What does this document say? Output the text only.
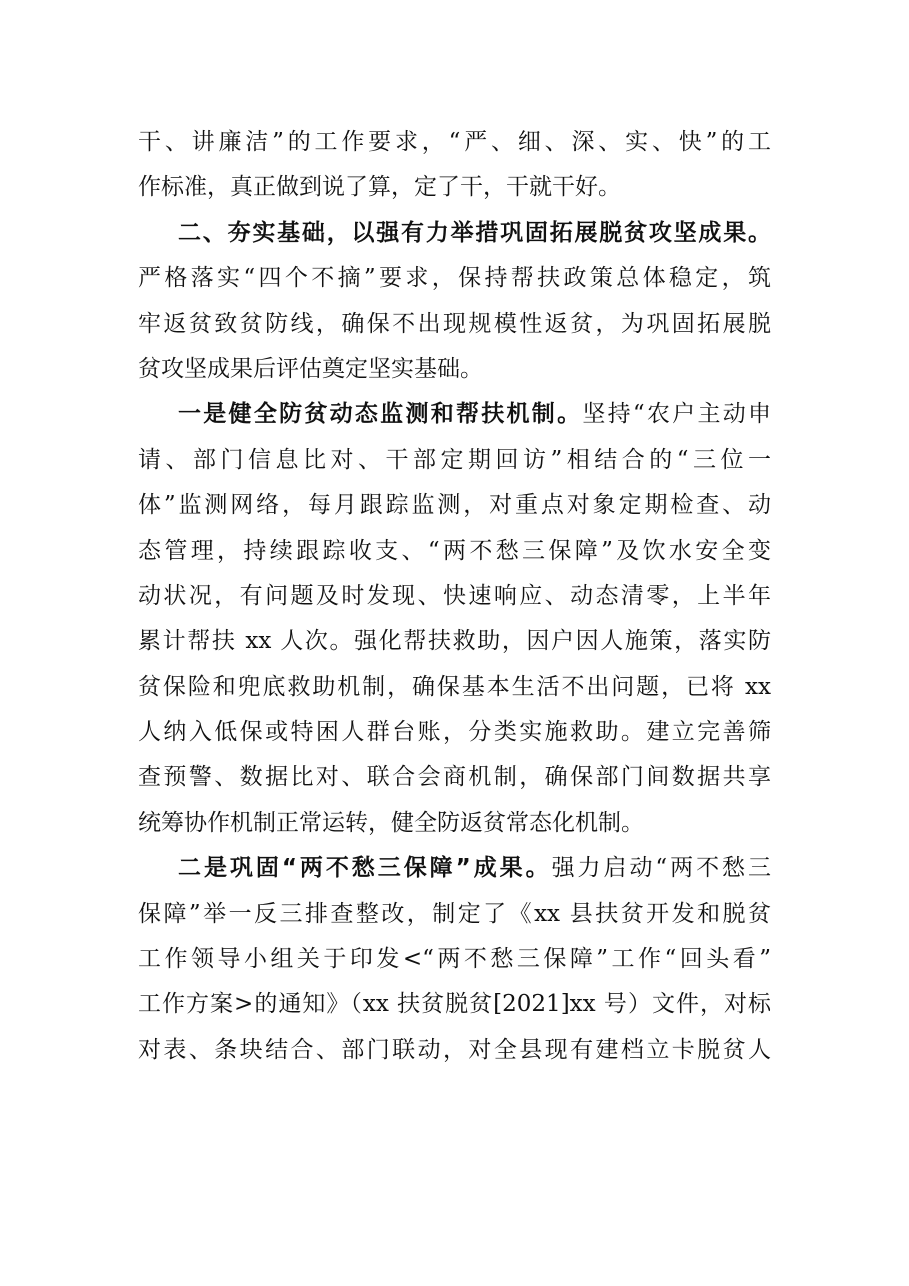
干、讲廉洁”的工作要求，“严、细、深、实、快”的工
作标准，真正做到说了算，定了干，干就干好。
二、夯实基础，以强有力举措巩固拓展脱贫攻坚成果。
严格落实“四个不摘”要求，保持帮扶政策总体稳定，筑
牢返贫致贫防线，确保不出现规模性返贫，为巩固拓展脱
贫攻坚成果后评估奠定坚实基础。
一是健全防贫动态监测和帮扶机制。坚持“农户主动申
请、部门信息比对、干部定期回访”相结合的“三位一
体”监测网络，每月跟踪监测，对重点对象定期检查、动
态管理，持续跟踪收支、“两不愁三保障”及饮水安全变
动状况，有问题及时发现、快速响应、动态清零，上半年
累计帮扶 xx 人次。强化帮扶救助，因户因人施策，落实防
贫保险和兜底救助机制，确保基本生活不出问题，已将 xx
人纳入低保或特困人群台账，分类实施救助。建立完善筛
查预警、数据比对、联合会商机制，确保部门间数据共享
统筹协作机制正常运转，健全防返贫常态化机制。
二是巩固“两不愁三保障”成果。强力启动“两不愁三
保障”举一反三排查整改，制定了《xx 县扶贫开发和脱贫
工作领导小组关于印发<“两不愁三保障”工作“回头看”
工作方案>的通知》（xx 扶贫脱贫[2021]xx 号）文件，对标
对表、条块结合、部门联动，对全县现有建档立卡脱贫人
